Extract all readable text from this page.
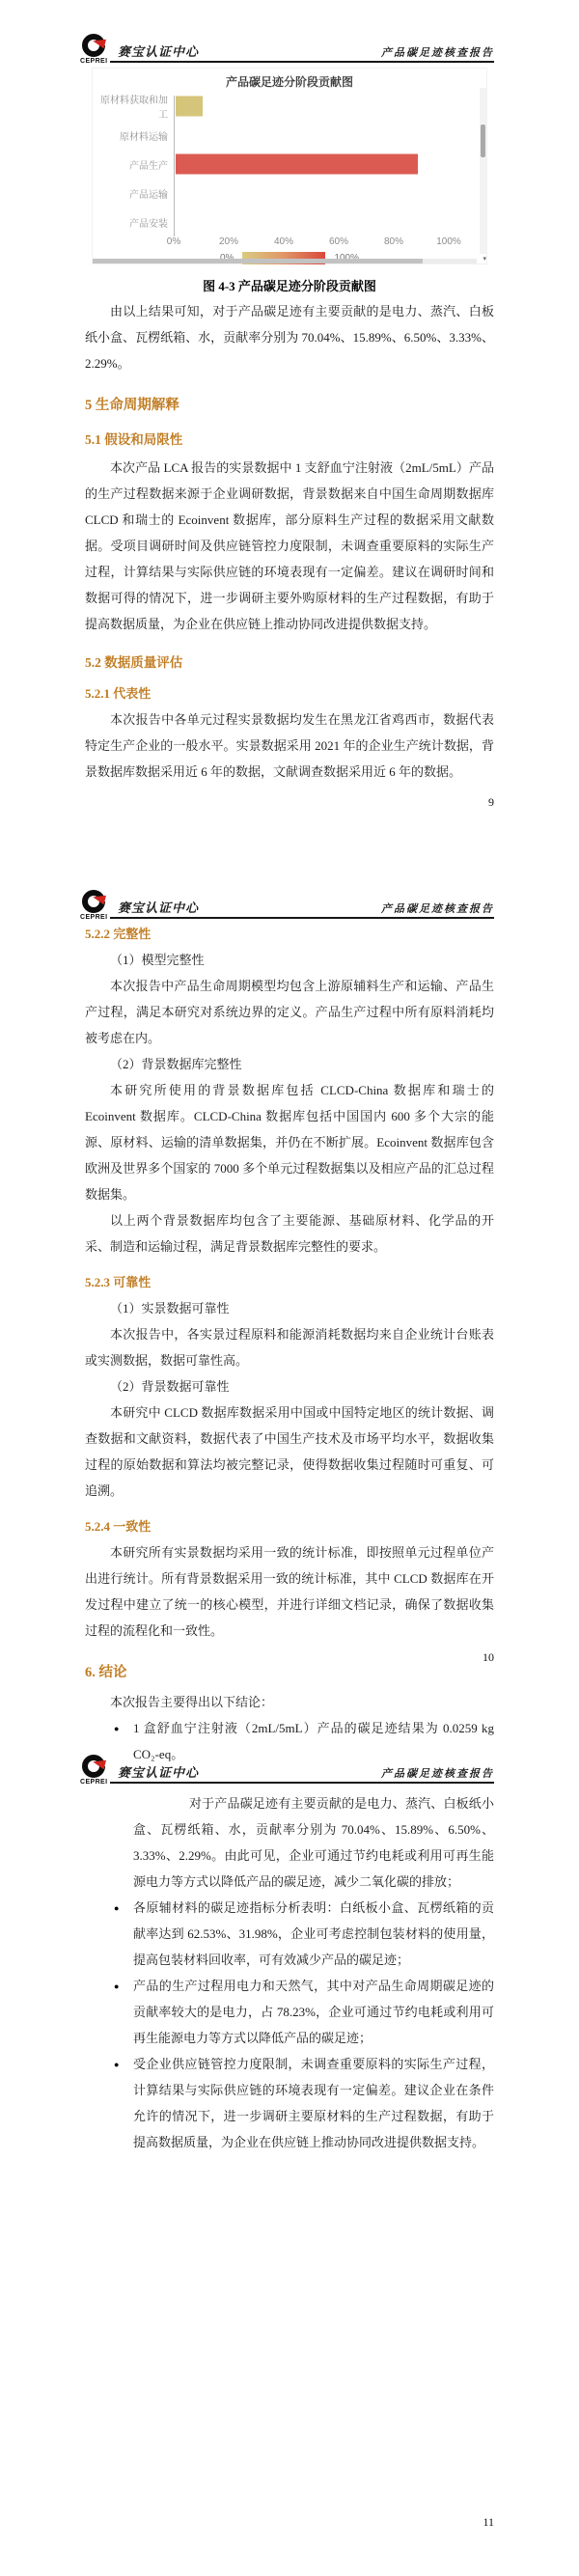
CEPREI
赛宝认证中心	产品碳足迹核查报告
产品碳足迹分阶段贡献图
原材料获取和加工
原材料运输
产品生产
产品运输
产品安装
0%	20%	40%	60%	80%	100%
▾

图 4-3 产品碳足迹分阶段贡献图

由以上结果可知，对于产品碳足迹有主要贡献的是电力、蒸汽、白板纸小盒、瓦楞纸箱、水，贡献率分别为 70.04%、15.89%、6.50%、3.33%、2.29%。

5 生命周期解释
5.1 假设和局限性

本次产品 LCA 报告的实景数据中 1 支舒血宁注射液（2mL/5mL）产品的生产过程数据来源于企业调研数据，背景数据来自中国生命周期数据库 CLCD 和瑞士的 Ecoinvent 数据库，部分原料生产过程的数据采用文献数据。受项目调研时间及供应链管控力度限制，未调查重要原料的实际生产过程，计算结果与实际供应链的环境表现有一定偏差。建议在调研时间和数据可得的情况下，进一步调研主要外购原材料的生产过程数据，有助于提高数据质量，为企业在供应链上推动协同改进提供数据支持。

5.2 数据质量评估
5.2.1 代表性

本次报告中各单元过程实景数据均发生在黑龙江省鸡西市，数据代表特定生产企业的一般水平。实景数据采用 2021 年的企业生产统计数据，背景数据库数据采用近 6 年的数据，文献调查数据采用近 6 年的数据。

9
CEPREI
赛宝认证中心	产品碳足迹核查报告
5.2.2 完整性

（1）模型完整性

本次报告中产品生命周期模型均包含上游原辅料生产和运输、产品生产过程，满足本研究对系统边界的定义。产品生产过程中所有原料消耗均被考虑在内。

（2）背景数据库完整性

本研究所使用的背景数据库包括 CLCD-China 数据库和瑞士的 Ecoinvent 数据库。CLCD-China 数据库包括中国国内 600 多个大宗的能源、原材料、运输的清单数据集，并仍在不断扩展。Ecoinvent 数据库包含欧洲及世界多个国家的 7000 多个单元过程数据集以及相应产品的汇总过程数据集。

以上两个背景数据库均包含了主要能源、基础原材料、化学品的开采、制造和运输过程，满足背景数据库完整性的要求。

5.2.3 可靠性

（1）实景数据可靠性

本次报告中，各实景过程原料和能源消耗数据均来自企业统计台账表或实测数据，数据可靠性高。

（2）背景数据可靠性

本研究中 CLCD 数据库数据采用中国或中国特定地区的统计数据、调查数据和文献资料，数据代表了中国生产技术及市场平均水平，数据收集过程的原始数据和算法均被完整记录，使得数据收集过程随时可重复、可追溯。

5.2.4 一致性

本研究所有实景数据均采用一致的统计标准，即按照单元过程单位产出进行统计。所有背景数据采用一致的统计标准，其中 CLCD 数据库在开发过程中建立了统一的核心模型，并进行详细文档记录，确保了数据收集过程的流程化和一致性。

6. 结论

本次报告主要得出以下结论：

● 1 盒舒血宁注射液（2mL/5mL）产品的碳足迹结果为 0.0259 kg CO₂-eq。
10
CEPREI
赛宝认证中心	产品碳足迹核查报告

对于产品碳足迹有主要贡献的是电力、蒸汽、白板纸小盒、瓦楞纸箱、水，贡献率分别为 70.04%、15.89%、6.50%、3.33%、2.29%。由此可见，企业可通过节约电耗或利用可再生能源电力等方式以降低产品的碳足迹，减少二氧化碳的排放；

● 各原辅材料的碳足迹指标分析表明：白纸板小盒、瓦楞纸箱的贡献率达到 62.53%、31.98%，企业可考虑控制包装材料的使用量，提高包装材料回收率，可有效减少产品的碳足迹；
● 产品的生产过程用电力和天然气，其中对产品生命周期碳足迹的贡献率较大的是电力，占 78.23%，企业可通过节约电耗或利用可再生能源电力等方式以降低产品的碳足迹；
● 受企业供应链管控力度限制，未调查重要原料的实际生产过程，计算结果与实际供应链的环境表现有一定偏差。建议企业在条件允许的情况下，进一步调研主要原材料的生产过程数据，有助于提高数据质量，为企业在供应链上推动协同改进提供数据支持。
11
